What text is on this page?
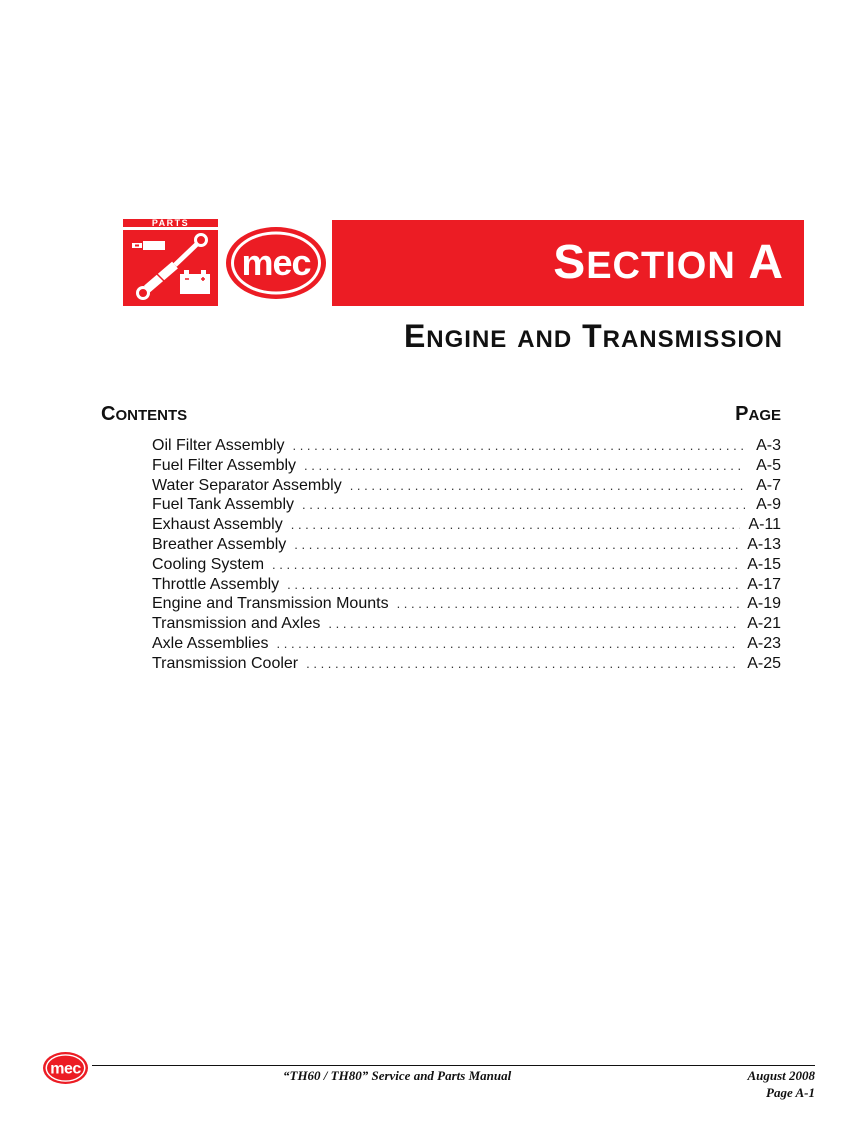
PARTS
mec	SECTION A
ENGINE AND TRANSMISSION
CONTENTS	PAGE
Oil Filter Assembly . . .	A-3
Fuel Filter Assembly . . .	A-5
Water Separator Assembly . . .	A-7
Fuel Tank Assembly . . .	A-9
Exhaust Assembly . . .	A-11
Breather Assembly . . .	A-13
Cooling System . . .	A-15
Throttle Assembly . . .	A-17
Engine and Transmission Mounts . . .	A-19
Transmission and Axles . . .	A-21
Axle Assemblies . . .	A-23
Transmission Cooler . . .	A-25
mec	“TH60 / TH80” Service and Parts Manual	August 2008
Page A-1
